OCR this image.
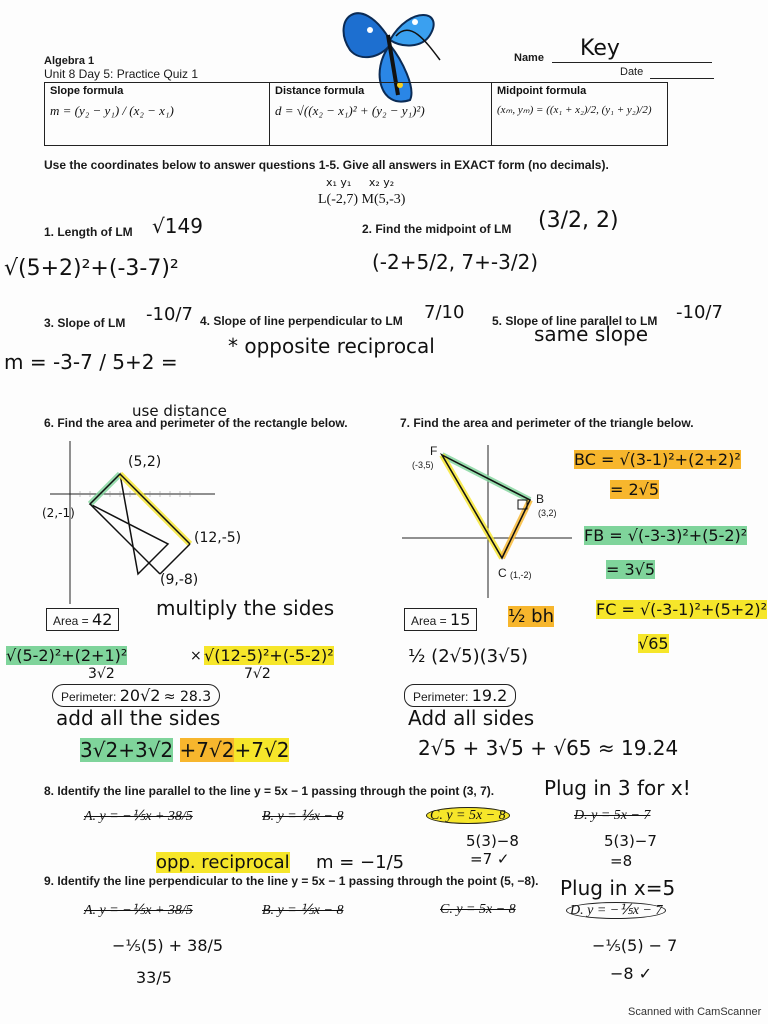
Algebra 1
Unit 8 Day 5: Practice Quiz 1
Name Key
Date
Slope formula
m = (y₂ − y₁) / (x₂ − x₁)
Distance formula
d = √((x₂ − x₁)² + (y₂ − y₁)²)
Midpoint formula
(xₘ, yₘ) = ((x₁ + x₂)/2, (y₁ + y₂)/2)
Use the coordinates below to answer questions 1-5. Give all answers in EXACT form (no decimals).
x₁ y₁     x₂ y₂
L(-2,7) M(5,-3)
1. Length of LM √149
√(5+2)²+(-3-7)²
2. Find the midpoint of LM (3/2, 2)
(-2+5/2, 7+-3/2)
3. Slope of LM -10/7
m = -3-7 / 5+2 =
4. Slope of line perpendicular to LM 7/10
* opposite reciprocal
5. Slope of line parallel to LM -10/7
same slope
6. Find the area and perimeter of the rectangle below.
use distance
(5,2)
(2,-1)
(12,-5)
(9,-8)
Area = 42	multiply the sides
√(5-2)²+(2+1)²	× √(12-5)²+(-5-2)²
3√2	7√2
Perimeter: 20√2 ≈ 28.3
add all the sides
3√2+3√2 +7√2+7√2
7. Find the area and perimeter of the triangle below.
F
(-3,5)
B
(3,2)
C (1,-2)
BC = √(3-1)²+(2+2)²
= 2√5
FB = √(-3-3)²+(5-2)²
= 3√5
FC = √(-3-1)²+(5+2)²
√65
Area = 15	½ bh
½ (2√5)(3√5)
Perimeter: 19.2
Add all sides
2√5 + 3√5 + √65 ≈ 19.24
8. Identify the line parallel to the line y = 5x − 1 passing through the point (3, 7). Plug in 3 for x!
A. y = −⅕x + 38/5	B. y = ⅕x − 8	C. y = 5x − 8	D. y = 5x − 7
5(3)−8
=7 ✓
5(3)−7
=8
opp. reciprocal m = −1/5
9. Identify the line perpendicular to the line y = 5x − 1 passing through the point (5, −8). Plug in x=5
A. y = −⅕x + 38/5	B. y = ⅕x − 8	C. y = 5x − 8	D. y = −⅕x − 7
−⅕(5) + 38/5
33/5
−⅕(5) − 7
−8 ✓
Scanned with CamScanner
